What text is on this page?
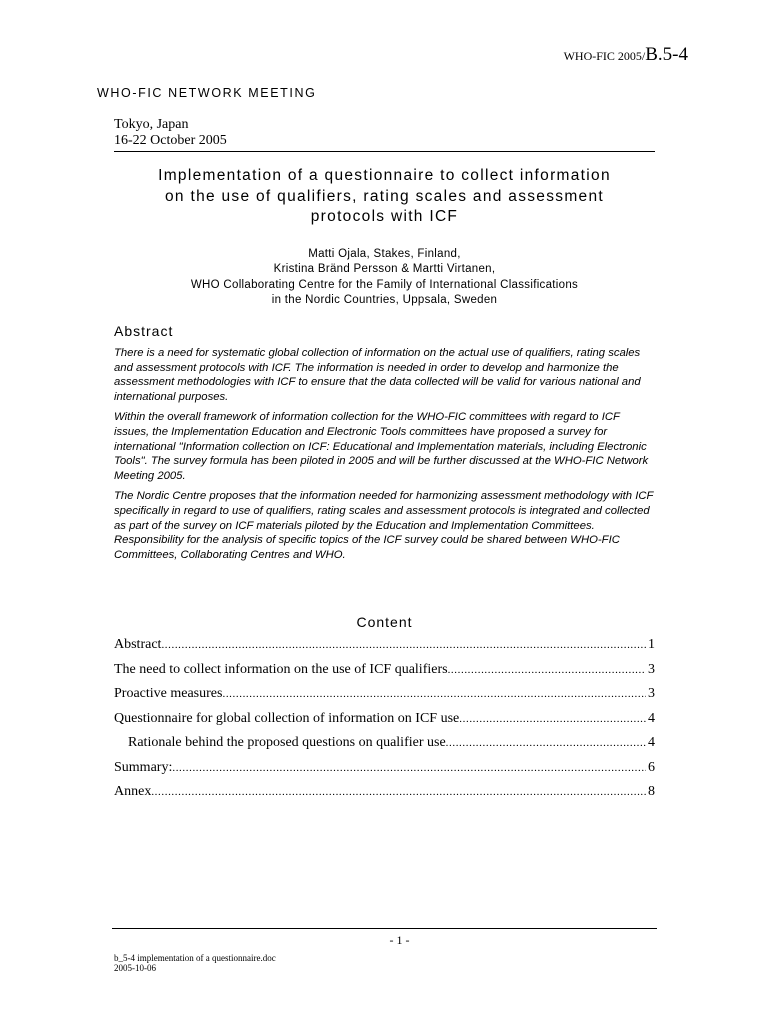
WHO-FIC 2005/B.5-4
WHO-FIC NETWORK MEETING
Tokyo, Japan
16-22 October 2005
Implementation of a questionnaire to collect information
on the use of qualifiers, rating scales and assessment
protocols with ICF
Matti Ojala, Stakes, Finland,
Kristina Bränd Persson & Martti Virtanen,
WHO Collaborating Centre for the Family of International Classifications
in the Nordic Countries, Uppsala, Sweden
Abstract

There is a need for systematic global collection of information on the actual use of qualifiers, rating scales and assessment protocols with ICF. The information is needed in order to develop and harmonize the assessment methodologies with ICF to ensure that the data collected will be valid for various national and international purposes.

Within the overall framework of information collection for the WHO-FIC committees with regard to ICF issues, the Implementation Education and Electronic Tools committees have proposed a survey for international "Information collection on ICF: Educational and Implementation materials, including Electronic Tools". The survey formula has been piloted in 2005 and will be further discussed at the WHO-FIC Network Meeting 2005.

The Nordic Centre proposes that the information needed for harmonizing assessment methodology with ICF specifically in regard to use of qualifiers, rating scales and assessment protocols is integrated and collected as part of the survey on ICF materials piloted by the Education and Implementation Committees. Responsibility for the analysis of specific topics of the ICF survey could be shared between WHO-FIC Committees, Collaborating Centres and WHO.

Content
Abstract .....	1
The need to collect information on the use of ICF qualifiers .....	3
Proactive measures .....	3
Questionnaire for global collection of information on ICF use .....	4
Rationale behind the proposed questions on qualifier use .....	4
Summary: .....	6
Annex .....	8
- 1 -
b_5-4 implementation of a questionnaire.doc
2005-10-06
